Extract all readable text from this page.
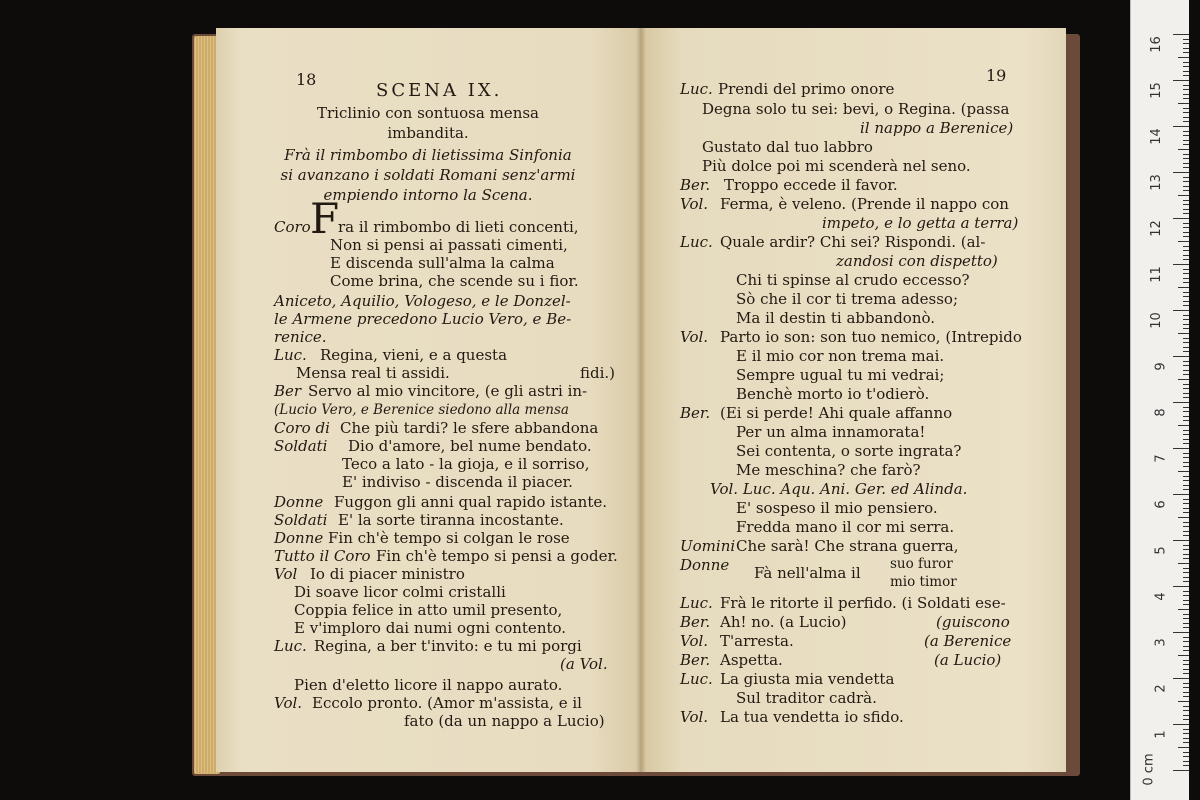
18
SCENA IX.
Triclinio con sontuosa mensa
imbandita.
Frà il rimbombo di lietissima Sinfonia
si avanzano i soldati Romani senz'armi
empiendo intorno la Scena.
Coro F
ra il rimbombo di lieti concenti,
Non si pensi ai passati cimenti,
E discenda sull'alma la calma
Come brina, che scende su i fior.
Aniceto, Aquilio, Vologeso, e le Donzel-
le Armene precedono Lucio Vero, e Be-
renice.
Luc. Regina, vieni, e a questa
Mensa real ti assidi.	fidi.)
Ber Servo al mio vincitore, (e gli astri in-
(Lucio Vero, e Berenice siedono alla mensa
Coro di Che più tardi? le sfere abbandona
Soldati Dio d'amore, bel nume bendato.
Teco a lato - la gioja, e il sorriso,
E' indiviso - discenda il piacer.
Donne Fuggon gli anni qual rapido istante.
Soldati E' la sorte tiranna incostante.
Donne Fin ch'è tempo si colgan le rose
Tutto il Coro Fin ch'è tempo si pensi a goder.
Vol Io di piacer ministro
Di soave licor colmi cristalli
Coppia felice in atto umil presento,
E v'imploro dai numi ogni contento.
Luc. Regina, a ber t'invito: e tu mi porgi
(a Vol.
Pien d'eletto licore il nappo aurato.
Vol. Eccolo pronto. (Amor m'assista, e il
fato (da un nappo a Lucio)
19
Luc. Prendi del primo onore
Degna solo tu sei: bevi, o Regina. (passa
il nappo a Berenice)
Gustato dal tuo labbro
Più dolce poi mi scenderà nel seno.
Ber. Troppo eccede il favor.
Vol. Ferma, è veleno. (Prende il nappo con
impeto, e lo getta a terra)
Luc. Quale ardir? Chi sei? Rispondi. (al-
zandosi con dispetto)
Chi ti spinse al crudo eccesso?
Sò che il cor ti trema adesso;
Ma il destin ti abbandonò.
Vol. Parto io son: son tuo nemico, (Intrepido
E il mio cor non trema mai.
Sempre ugual tu mi vedrai;
Benchè morto io t'odierò.
Ber. (Ei si perde! Ahi quale affanno
Per un alma innamorata!
Sei contenta, o sorte ingrata?
Me meschina? che farò?
Vol. Luc. Aqu. Ani. Ger. ed Alinda.
E' sospeso il mio pensiero.
Fredda mano il cor mi serra.
Uomini Che sarà! Che strana guerra,
Donne Fà nell'alma il suo furor
mio timor
Luc. Frà le ritorte il perfido. (i Soldati ese-
Ber. Ah! no. (a Lucio)	(guiscono
Vol. T'arresta.	(a Berenice
Ber. Aspetta.	(a Lucio)
Luc. La giusta mia vendetta
Sul traditor cadrà.
Vol. La tua vendetta io sfido.
0 cm
1
2
3
4
5
6
7
8
9
10
11
12
13
14
15
16
